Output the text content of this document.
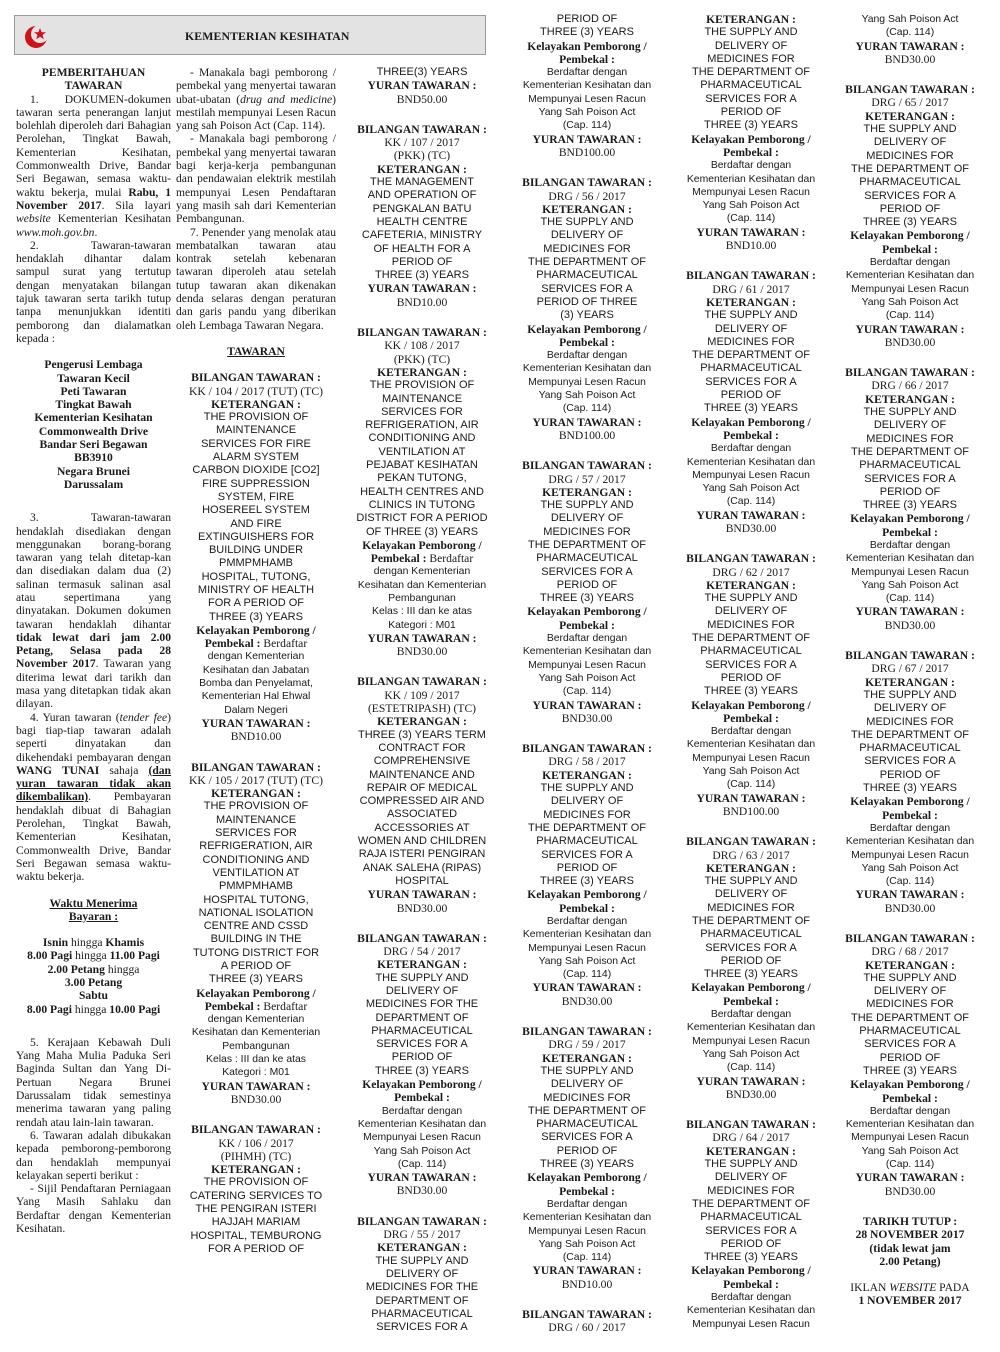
KEMENTERIAN KESIHATAN
PEMBERITAHUAN
TAWARAN

1. DOKUMEN-dokumen tawaran serta penerangan lanjut bolehlah diperoleh dari Bahagian Perolehan, Tingkat Bawah, Kementerian Kesihatan, Commonwealth Drive, Bandar Seri Begawan, semasa waktu-waktu bekerja, mulai Rabu, 1 November 2017. Sila layari website Kementerian Kesihatan www.moh.gov.bn.

2. Tawaran-tawaran hendaklah dihantar dalam sampul surat yang tertutup dengan menyatakan bilangan tajuk tawaran serta tarikh tutup tanpa menunjukkan identiti pemborong dan dialamatkan kepada :

Pengerusi Lembaga
Tawaran Kecil
Peti Tawaran
Tingkat Bawah
Kementerian Kesihatan
Commonwealth Drive
Bandar Seri Begawan
BB3910
Negara Brunei
Darussalam

3. Tawaran-tawaran hendaklah disediakan dengan menggunakan borang-borang tawaran yang telah ditetap-kan dan disediakan dalam dua (2) salinan termasuk salinan asal atau sepertimana yang dinyatakan. Dokumen dokumen tawaran hendaklah dihantar tidak lewat dari jam 2.00 Petang, Selasa pada 28 November 2017. Tawaran yang diterima lewat dari tarikh dan masa yang ditetapkan tidak akan dilayan.

4. Yuran tawaran (tender fee) bagi tiap-tiap tawaran adalah seperti dinyatakan dan dikehendaki pembayaran dengan WANG TUNAI sahaja (dan yuran tawaran tidak akan dikembalikan). Pembayaran hendaklah dibuat di Bahagian Perolehan, Tingkat Bawah, Kementerian Kesihatan, Commonwealth Drive, Bandar Seri Begawan semasa waktu-waktu bekerja.

Waktu Menerima
Bayaran :
Isnin hingga Khamis
8.00 Pagi hingga 11.00 Pagi
2.00 Petang hingga
3.00 Petang
Sabtu
8.00 Pagi hingga 10.00 Pagi

5. Kerajaan Kebawah Duli Yang Maha Mulia Paduka Seri Baginda Sultan dan Yang Di-Pertuan Negara Brunei Darussalam tidak semestinya menerima tawaran yang paling rendah atau lain-lain tawaran.

6. Tawaran adalah dibukakan kepada pemborong-pemborong dan hendaklah mempunyai kelayakan seperti berikut :

- Sijil Pendaftaran Perniagaan Yang Masih Sahlaku dan Berdaftar dengan Kementerian Kesihatan.

- Manakala bagi pemborong / pembekal yang menyertai tawaran ubat-ubatan (drug and medicine) mestilah mempunyai Lesen Racun yang sah Poison Act (Cap. 114).

- Manakala bagi pemborong / pembekal yang menyertai tawaran bagi kerja-kerja pembangunan dan pendawaian elektrik mestilah mempunyai Lesen Pendaftaran yang masih sah dari Kementerian Pembangunan.

7. Penender yang menolak atau membatalkan tawaran atau kontrak setelah kebenaran tawaran diperoleh atau setelah tutup tawaran akan dikenakan denda selaras dengan peraturan dan garis pandu yang diberikan oleh Lembaga Tawaran Negara.

TAWARAN
BILANGAN TAWARAN :
KK / 104 / 2017 (TUT) (TC)
KETERANGAN :
THE PROVISION OF
MAINTENANCE
SERVICES FOR FIRE
ALARM SYSTEM
CARBON DIOXIDE [CO2]
FIRE SUPPRESSION
SYSTEM, FIRE
HOSEREEL SYSTEM
AND FIRE
EXTINGUISHERS FOR
BUILDING UNDER
PMMPMHAMB
HOSPITAL, TUTONG,
MINISTRY OF HEALTH
FOR A PERIOD OF
THREE (3) YEARS
Kelayakan Pemborong /
Pembekal : Berdaftar
dengan Kementerian
Kesihatan dan Jabatan
Bomba dan Penyelamat,
Kementerian Hal Ehwal
Dalam Negeri
YURAN TAWARAN :
BND10.00
BILANGAN TAWARAN :
KK / 105 / 2017 (TUT) (TC)
KETERANGAN :
THE PROVISION OF
MAINTENANCE
SERVICES FOR
REFRIGERATION, AIR
CONDITIONING AND
VENTILATION AT
PMMPMHAMB
HOSPITAL TUTONG,
NATIONAL ISOLATION
CENTRE AND CSSD
BUILDING IN THE
TUTONG DISTRICT FOR
A PERIOD OF
THREE (3) YEARS
Kelayakan Pemborong /
Pembekal : Berdaftar
dengan Kementerian
Kesihatan dan Kementerian
Pembangunan
Kelas : III dan ke atas
Kategori : M01
YURAN TAWARAN :
BND30.00
BILANGAN TAWARAN :
KK / 106 / 2017
(PIHMH) (TC)
KETERANGAN :
THE PROVISION OF
CATERING SERVICES TO
THE PENGIRAN ISTERI
HAJJAH MARIAM
HOSPITAL, TEMBURONG
FOR A PERIOD OF
THREE(3) YEARS
YURAN TAWARAN :
BND50.00
BILANGAN TAWARAN :
KK / 107 / 2017
(PKK) (TC)
KETERANGAN :
THE MANAGEMENT
AND OPERATION OF
PENGKALAN BATU
HEALTH CENTRE
CAFETERIA, MINISTRY
OF HEALTH FOR A
PERIOD OF
THREE (3) YEARS
YURAN TAWARAN :
BND10.00
BILANGAN TAWARAN :
KK / 108 / 2017
(PKK) (TC)
KETERANGAN :
THE PROVISION OF
MAINTENANCE
SERVICES FOR
REFRIGERATION, AIR
CONDITIONING AND
VENTILATION AT
PEJABAT KESIHATAN
PEKAN TUTONG,
HEALTH CENTRES AND
CLINICS IN TUTONG
DISTRICT FOR A PERIOD
OF THREE (3) YEARS
Kelayakan Pemborong /
Pembekal : Berdaftar
dengan Kementerian
Kesihatan dan Kementerian
Pembangunan
Kelas : III dan ke atas
Kategori : M01
YURAN TAWARAN :
BND30.00
BILANGAN TAWARAN :
KK / 109 / 2017
(ESTETRIPASH) (TC)
KETERANGAN :
THREE (3) YEARS TERM
CONTRACT FOR
COMPREHENSIVE
MAINTENANCE AND
REPAIR OF MEDICAL
COMPRESSED AIR AND
ASSOCIATED
ACCESSORIES AT
WOMEN AND CHILDREN
RAJA ISTERI PENGIRAN
ANAK SALEHA (RIPAS)
HOSPITAL
YURAN TAWARAN :
BND30.00
BILANGAN TAWARAN :
DRG / 54 / 2017
KETERANGAN :
THE SUPPLY AND
DELIVERY OF
MEDICINES FOR THE
DEPARTMENT OF
PHARMACEUTICAL
SERVICES FOR A
PERIOD OF
THREE (3) YEARS
Kelayakan Pemborong /
Pembekal :
Berdaftar dengan
Kementerian Kesihatan dan
Mempunyai Lesen Racun
Yang Sah Poison Act
(Cap. 114)
YURAN TAWARAN :
BND30.00
BILANGAN TAWARAN :
DRG / 55 / 2017
KETERANGAN :
THE SUPPLY AND
DELIVERY OF
MEDICINES FOR THE
DEPARTMENT OF
PHARMACEUTICAL
SERVICES FOR A
PERIOD OF
THREE (3) YEARS
Kelayakan Pemborong /
Pembekal :
Berdaftar dengan
Kementerian Kesihatan dan
Mempunyai Lesen Racun
Yang Sah Poison Act
(Cap. 114)
YURAN TAWARAN :
BND100.00
BILANGAN TAWARAN :
DRG / 56 / 2017
KETERANGAN :
THE SUPPLY AND
DELIVERY OF
MEDICINES FOR
THE DEPARTMENT OF
PHARMACEUTICAL
SERVICES FOR A
PERIOD OF THREE
(3) YEARS
Kelayakan Pemborong /
Pembekal :
Berdaftar dengan
Kementerian Kesihatan dan
Mempunyai Lesen Racun
Yang Sah Poison Act
(Cap. 114)
YURAN TAWARAN :
BND100.00
BILANGAN TAWARAN :
DRG / 57 / 2017
KETERANGAN :
THE SUPPLY AND
DELIVERY OF
MEDICINES FOR
THE DEPARTMENT OF
PHARMACEUTICAL
SERVICES FOR A
PERIOD OF
THREE (3) YEARS
Kelayakan Pemborong /
Pembekal :
Berdaftar dengan
Kementerian Kesihatan dan
Mempunyai Lesen Racun
Yang Sah Poison Act
(Cap. 114)
YURAN TAWARAN :
BND30.00
BILANGAN TAWARAN :
DRG / 58 / 2017
KETERANGAN :
THE SUPPLY AND
DELIVERY OF
MEDICINES FOR
THE DEPARTMENT OF
PHARMACEUTICAL
SERVICES FOR A
PERIOD OF
THREE (3) YEARS
Kelayakan Pemborong /
Pembekal :
Berdaftar dengan
Kementerian Kesihatan dan
Mempunyai Lesen Racun
Yang Sah Poison Act
(Cap. 114)
YURAN TAWARAN :
BND30.00
BILANGAN TAWARAN :
DRG / 59 / 2017
KETERANGAN :
THE SUPPLY AND
DELIVERY OF
MEDICINES FOR
THE DEPARTMENT OF
PHARMACEUTICAL
SERVICES FOR A
PERIOD OF
THREE (3) YEARS
Kelayakan Pemborong /
Pembekal :
Berdaftar dengan
Kementerian Kesihatan dan
Mempunyai Lesen Racun
Yang Sah Poison Act
(Cap. 114)
YURAN TAWARAN :
BND10.00
BILANGAN TAWARAN :
DRG / 60 / 2017
KETERANGAN :
THE SUPPLY AND
DELIVERY OF
MEDICINES FOR
THE DEPARTMENT OF
PHARMACEUTICAL
SERVICES FOR A
PERIOD OF
THREE (3) YEARS
Kelayakan Pemborong /
Pembekal :
Berdaftar dengan
Kementerian Kesihatan dan
Mempunyai Lesen Racun
Yang Sah Poison Act
(Cap. 114)
YURAN TAWARAN :
BND10.00
BILANGAN TAWARAN :
DRG / 61 / 2017
KETERANGAN :
THE SUPPLY AND
DELIVERY OF
MEDICINES FOR
THE DEPARTMENT OF
PHARMACEUTICAL
SERVICES FOR A
PERIOD OF
THREE (3) YEARS
Kelayakan Pemborong /
Pembekal :
Berdaftar dengan
Kementerian Kesihatan dan
Mempunyai Lesen Racun
Yang Sah Poison Act
(Cap. 114)
YURAN TAWARAN :
BND30.00
BILANGAN TAWARAN :
DRG / 62 / 2017
KETERANGAN :
THE SUPPLY AND
DELIVERY OF
MEDICINES FOR
THE DEPARTMENT OF
PHARMACEUTICAL
SERVICES FOR A
PERIOD OF
THREE (3) YEARS
Kelayakan Pemborong /
Pembekal :
Berdaftar dengan
Kementerian Kesihatan dan
Mempunyai Lesen Racun
Yang Sah Poison Act
(Cap. 114)
YURAN TAWARAN :
BND100.00
BILANGAN TAWARAN :
DRG / 63 / 2017
KETERANGAN :
THE SUPPLY AND
DELIVERY OF
MEDICINES FOR
THE DEPARTMENT OF
PHARMACEUTICAL
SERVICES FOR A
PERIOD OF
THREE (3) YEARS
Kelayakan Pemborong /
Pembekal :
Berdaftar dengan
Kementerian Kesihatan dan
Mempunyai Lesen Racun
Yang Sah Poison Act
(Cap. 114)
YURAN TAWARAN :
BND30.00
BILANGAN TAWARAN :
DRG / 64 / 2017
KETERANGAN :
THE SUPPLY AND
DELIVERY OF
MEDICINES FOR
THE DEPARTMENT OF
PHARMACEUTICAL
SERVICES FOR A
PERIOD OF
THREE (3) YEARS
Kelayakan Pemborong /
Pembekal :
Berdaftar dengan
Kementerian Kesihatan dan
Mempunyai Lesen Racun
Yang Sah Poison Act
(Cap. 114)
YURAN TAWARAN :
BND30.00
BILANGAN TAWARAN :
DRG / 65 / 2017
KETERANGAN :
THE SUPPLY AND
DELIVERY OF
MEDICINES FOR
THE DEPARTMENT OF
PHARMACEUTICAL
SERVICES FOR A
PERIOD OF
THREE (3) YEARS
Kelayakan Pemborong /
Pembekal :
Berdaftar dengan
Kementerian Kesihatan dan
Mempunyai Lesen Racun
Yang Sah Poison Act
(Cap. 114)
YURAN TAWARAN :
BND30.00
BILANGAN TAWARAN :
DRG / 66 / 2017
KETERANGAN :
THE SUPPLY AND
DELIVERY OF
MEDICINES FOR
THE DEPARTMENT OF
PHARMACEUTICAL
SERVICES FOR A
PERIOD OF
THREE (3) YEARS
Kelayakan Pemborong /
Pembekal :
Berdaftar dengan
Kementerian Kesihatan dan
Mempunyai Lesen Racun
Yang Sah Poison Act
(Cap. 114)
YURAN TAWARAN :
BND30.00
BILANGAN TAWARAN :
DRG / 67 / 2017
KETERANGAN :
THE SUPPLY AND
DELIVERY OF
MEDICINES FOR
THE DEPARTMENT OF
PHARMACEUTICAL
SERVICES FOR A
PERIOD OF
THREE (3) YEARS
Kelayakan Pemborong /
Pembekal :
Berdaftar dengan
Kementerian Kesihatan dan
Mempunyai Lesen Racun
Yang Sah Poison Act
(Cap. 114)
YURAN TAWARAN :
BND30.00
BILANGAN TAWARAN :
DRG / 68 / 2017
KETERANGAN :
THE SUPPLY AND
DELIVERY OF
MEDICINES FOR
THE DEPARTMENT OF
PHARMACEUTICAL
SERVICES FOR A
PERIOD OF
THREE (3) YEARS
Kelayakan Pemborong /
Pembekal :
Berdaftar dengan
Kementerian Kesihatan dan
Mempunyai Lesen Racun
Yang Sah Poison Act
(Cap. 114)
YURAN TAWARAN :
BND30.00
TARIKH TUTUP :
28 NOVEMBER 2017
(tidak lewat jam
2.00 Petang)
IKLAN WEBSITE PADA
1 NOVEMBER 2017
